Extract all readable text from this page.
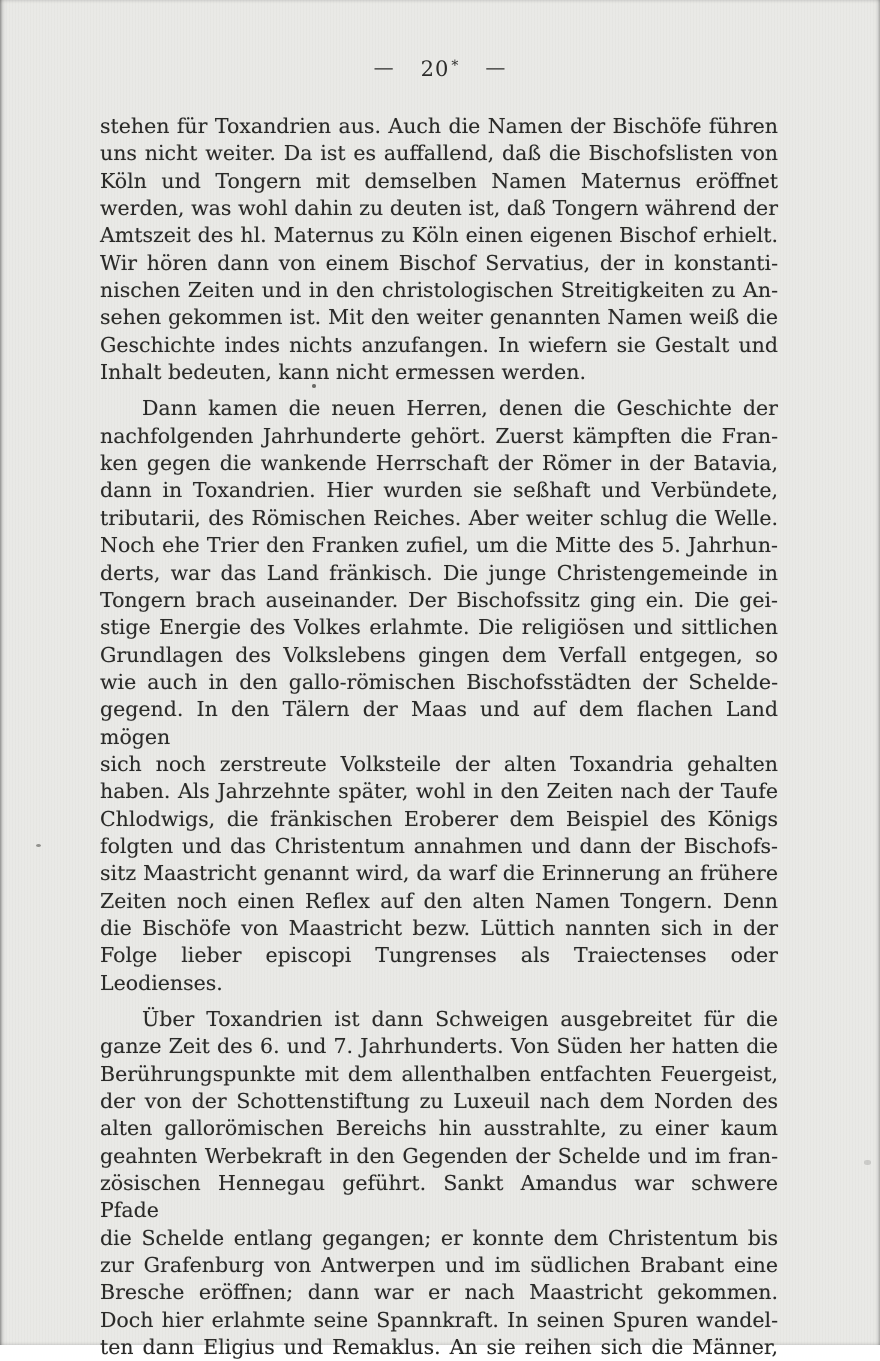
— 20 * —
stehen für Toxandrien aus. Auch die Namen der Bischöfe führen
uns nicht weiter. Da ist es auffallend, daß die Bischofslisten von
Köln und Tongern mit demselben Namen Maternus eröffnet
werden, was wohl dahin zu deuten ist, daß Tongern während der
Amtszeit des hl. Maternus zu Köln einen eigenen Bischof erhielt.
Wir hören dann von einem Bischof Servatius, der in konstanti-
nischen Zeiten und in den christologischen Streitigkeiten zu An-
sehen gekommen ist. Mit den weiter genannten Namen weiß die
Geschichte indes nichts anzufangen. In wiefern sie Gestalt und
Inhalt bedeuten, kann nicht ermessen werden.
Dann kamen die neuen Herren, denen die Geschichte der
nachfolgenden Jahrhunderte gehört. Zuerst kämpften die Fran-
ken gegen die wankende Herrschaft der Römer in der Batavia,
dann in Toxandrien. Hier wurden sie seßhaft und Verbündete,
tributarii, des Römischen Reiches. Aber weiter schlug die Welle.
Noch ehe Trier den Franken zufiel, um die Mitte des 5. Jahrhun-
derts, war das Land fränkisch. Die junge Christengemeinde in
Tongern brach auseinander. Der Bischofssitz ging ein. Die gei-
stige Energie des Volkes erlahmte. Die religiösen und sittlichen
Grundlagen des Volkslebens gingen dem Verfall entgegen, so
wie auch in den gallo-römischen Bischofsstädten der Schelde-
gegend. In den Tälern der Maas und auf dem flachen Land mögen
sich noch zerstreute Volksteile der alten Toxandria gehalten
haben. Als Jahrzehnte später, wohl in den Zeiten nach der Taufe
Chlodwigs, die fränkischen Eroberer dem Beispiel des Königs
folgten und das Christentum annahmen und dann der Bischofs-
sitz Maastricht genannt wird, da warf die Erinnerung an frühere
Zeiten noch einen Reflex auf den alten Namen Tongern. Denn
die Bischöfe von Maastricht bezw. Lüttich nannten sich in der
Folge lieber episcopi Tungrenses als Traiectenses oder Leodienses.
Über Toxandrien ist dann Schweigen ausgebreitet für die
ganze Zeit des 6. und 7. Jahrhunderts. Von Süden her hatten die
Berührungspunkte mit dem allenthalben entfachten Feuergeist,
der von der Schottenstiftung zu Luxeuil nach dem Norden des
alten gallorömischen Bereichs hin ausstrahlte, zu einer kaum
geahnten Werbekraft in den Gegenden der Schelde und im fran-
zösischen Hennegau geführt. Sankt Amandus war schwere Pfade
die Schelde entlang gegangen; er konnte dem Christentum bis
zur Grafenburg von Antwerpen und im südlichen Brabant eine
Bresche eröffnen; dann war er nach Maastricht gekommen.
Doch hier erlahmte seine Spannkraft. In seinen Spuren wandel-
ten dann Eligius und Remaklus. An sie reihen sich die Männer,
